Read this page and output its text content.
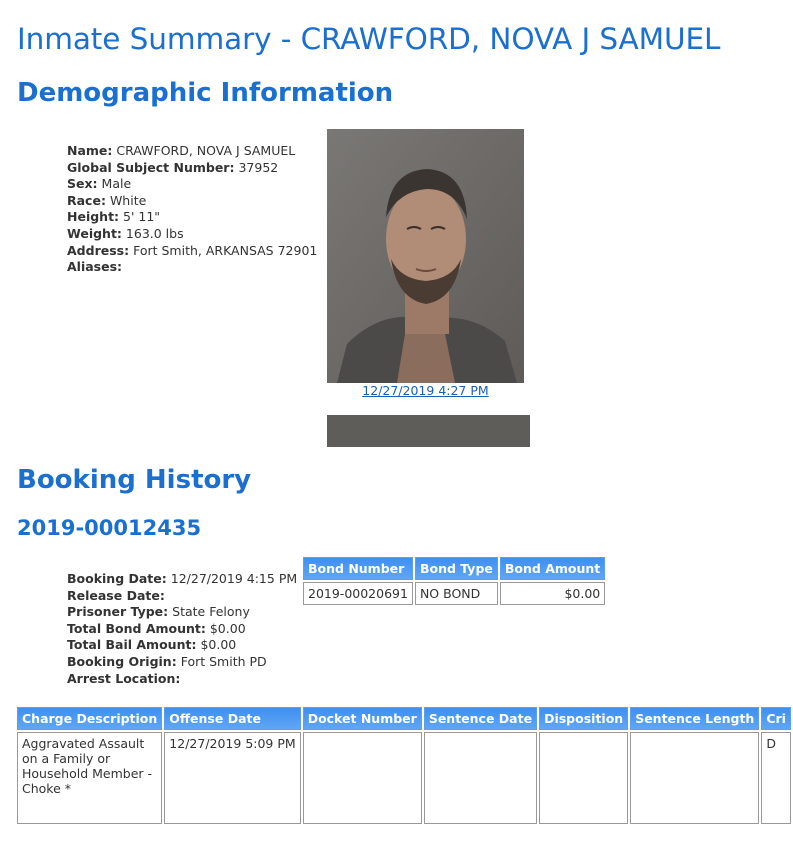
Inmate Summary - CRAWFORD, NOVA J SAMUEL
Demographic Information
Name: CRAWFORD, NOVA J SAMUEL
Global Subject Number: 37952
Sex: Male
Race: White
Height: 5' 11"
Weight: 163.0 lbs
Address: Fort Smith, ARKANSAS 72901
Aliases:
12/27/2019 4:27 PM
Booking History
2019-00012435
Booking Date: 12/27/2019 4:15 PM
Release Date:
Prisoner Type: State Felony
Total Bond Amount: $0.00
Total Bail Amount: $0.00
Booking Origin: Fort Smith PD
Arrest Location:
Bond Number	Bond Type	Bond Amount
2019-00020691	NO BOND	$0.00
Charge Description	Offense Date	Docket Number	Sentence Date	Disposition	Sentence Length	Cri
Aggravated Assault on a Family or Household Member - Choke *	12/27/2019 5:09 PM					D
